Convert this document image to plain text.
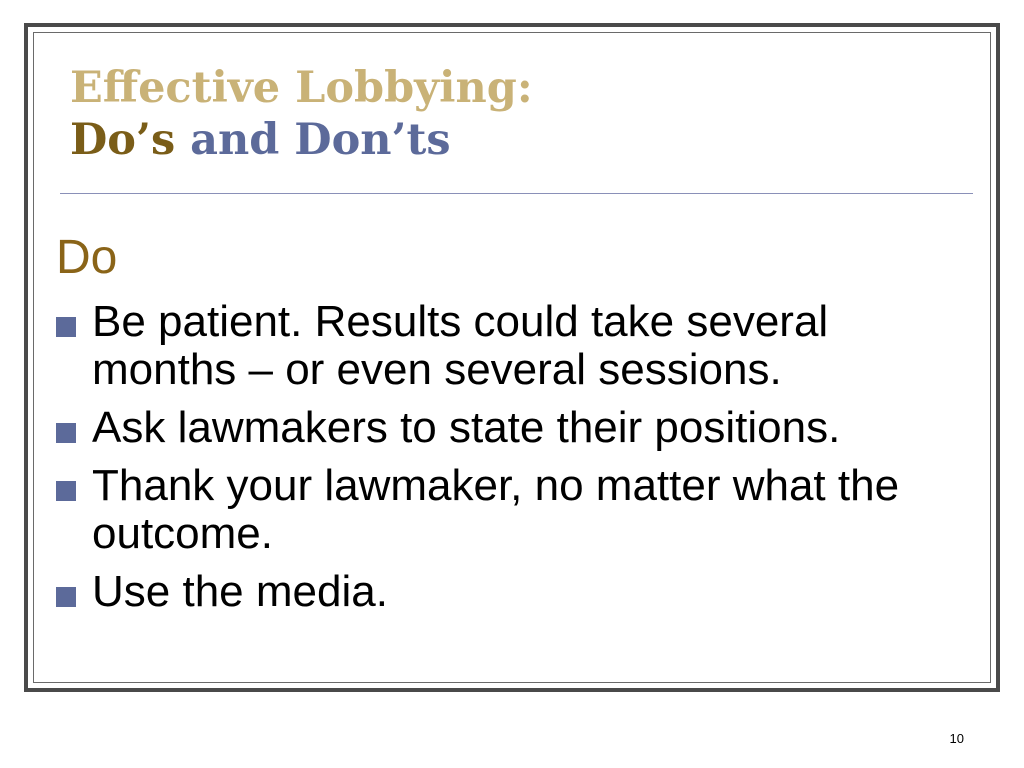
Effective Lobbying:
Do’s and Don’ts
Do
Be patient. Results could take several months – or even several sessions.
Ask lawmakers to state their positions.
Thank your lawmaker, no matter what the outcome.
Use the media.
10
